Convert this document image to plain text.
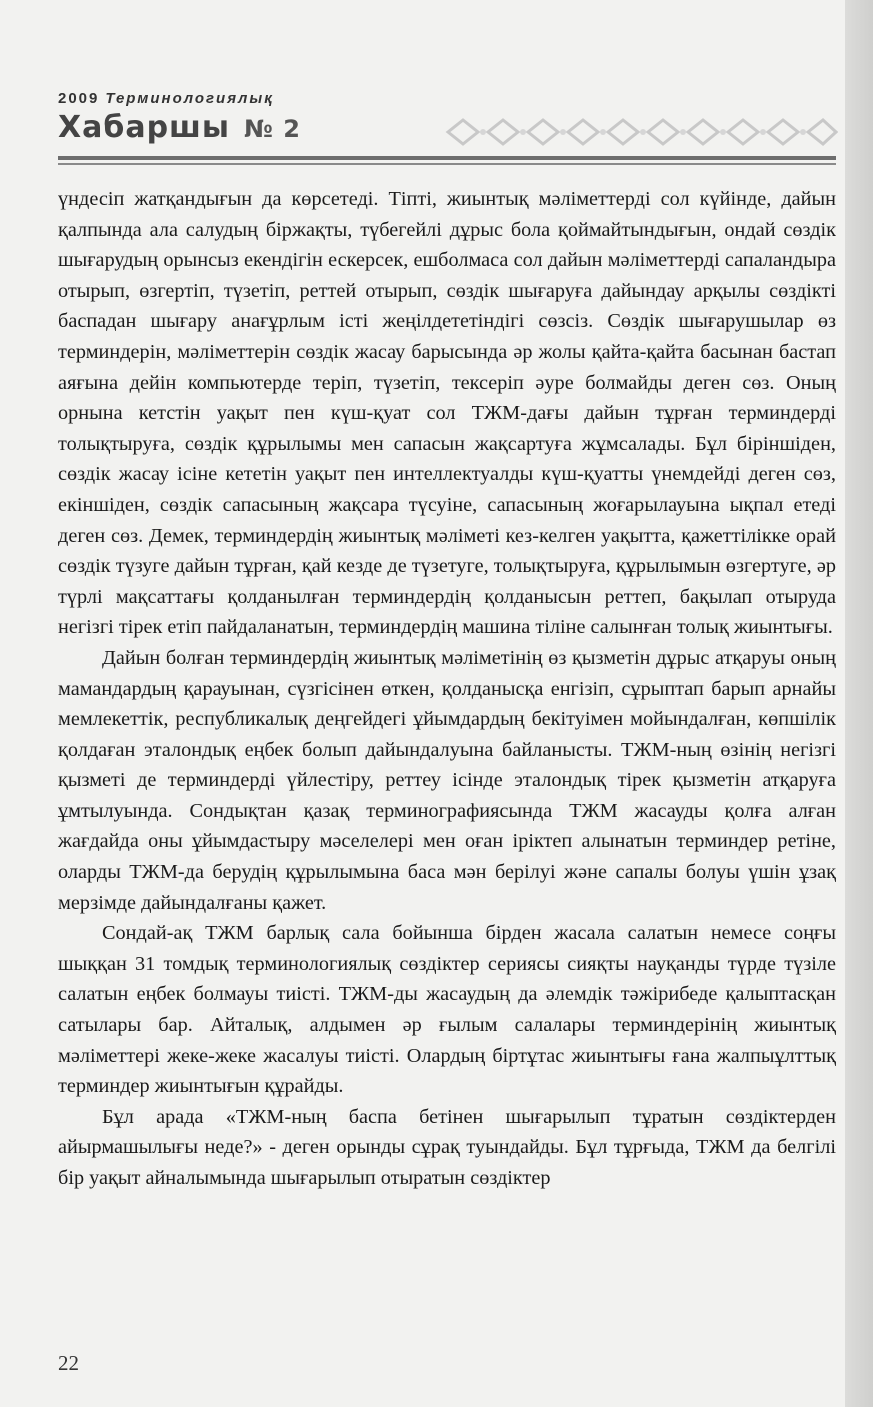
2009 Терминологиялық
Хабаршы № 2

үндесіп жатқандығын да көрсетеді. Тіпті, жиынтық мәліметтерді сол күйінде, дайын қалпында ала салудың біржақты, түбегейлі дұрыс бола қоймайтындығын, ондай сөздік шығарудың орынсыз екендігін ескерсек, ешболмаса сол дайын мәліметтерді сапаландыра отырып, өзгертіп, түзетіп, реттей отырып, сөздік шығаруға дайындау арқылы сөздікті баспадан шығару анағұрлым істі жеңілдететіндігі сөзсіз. Сөздік шығарушылар өз терминдерін, мәліметтерін сөздік жасау барысында әр жолы қайта-қайта басынан бастап аяғына дейін компьютерде теріп, түзетіп, тексеріп әуре болмайды деген сөз. Оның орнына кетстін уақыт пен күш-қуат сол ТЖМ-дағы дайын тұрған терминдерді толықтыруға, сөздік құрылымы мен сапасын жақсартуға жұмсалады. Бұл біріншіден, сөздік жасау ісіне кететін уақыт пен интеллектуалды күш-қуатты үнемдейді деген сөз, екіншіден, сөздік сапасының жақсара түсуіне, сапасының жоғарылауына ықпал етеді деген сөз. Демек, терминдердің жиынтық мәліметі кез-келген уақытта, қажеттілікке орай сөздік түзуге дайын тұрған, қай кезде де түзетуге, толықтыруға, құрылымын өзгертуге, әр түрлі мақсаттағы қолданылған терминдердің қолданысын реттеп, бақылап отыруда негізгі тірек етіп пайдаланатын, терминдердің машина тіліне салынған толық жиынтығы.

Дайын болған терминдердің жиынтық мәліметінің өз қызметін дұрыс атқаруы оның мамандардың қарауынан, сүзгісінен өткен, қолданысқа енгізіп, сұрыптап барып арнайы мемлекеттік, республикалық деңгейдегі ұйымдардың бекітуімен мойындалған, көпшілік қолдаған эталондық еңбек болып дайындалуына байланысты. ТЖМ-ның өзінің негізгі қызметі де терминдерді үйлестіру, реттеу ісінде эталондық тірек қызметін атқаруға ұмтылуында. Сондықтан қазақ терминографиясында ТЖМ жасауды қолға алған жағдайда оны ұйымдастыру мәселелері мен оған іріктеп алынатын терминдер ретіне, оларды ТЖМ-да берудің құрылымына баса мән берілуі және сапалы болуы үшін ұзақ мерзімде дайындалғаны қажет.

Сондай-ақ ТЖМ барлық сала бойынша бірден жасала салатын немесе соңғы шыққан 31 томдық терминологиялық сөздіктер сериясы сияқты науқанды түрде түзіле салатын еңбек болмауы тиісті. ТЖМ-ды жасаудың да әлемдік тәжірибеде қалыптасқан сатылары бар. Айталық, алдымен әр ғылым салалары терминдерінің жиынтық мәліметтері жеке-жеке жасалуы тиісті. Олардың біртұтас жиынтығы ғана жалпыұлттық терминдер жиынтығын құрайды.

Бұл арада «ТЖМ-ның баспа бетінен шығарылып тұратын сөздіктерден айырмашылығы неде?» - деген орынды сұрақ туындайды. Бұл тұрғыда, ТЖМ да белгілі бір уақыт айналымында шығарылып отыратын сөздіктер

22
